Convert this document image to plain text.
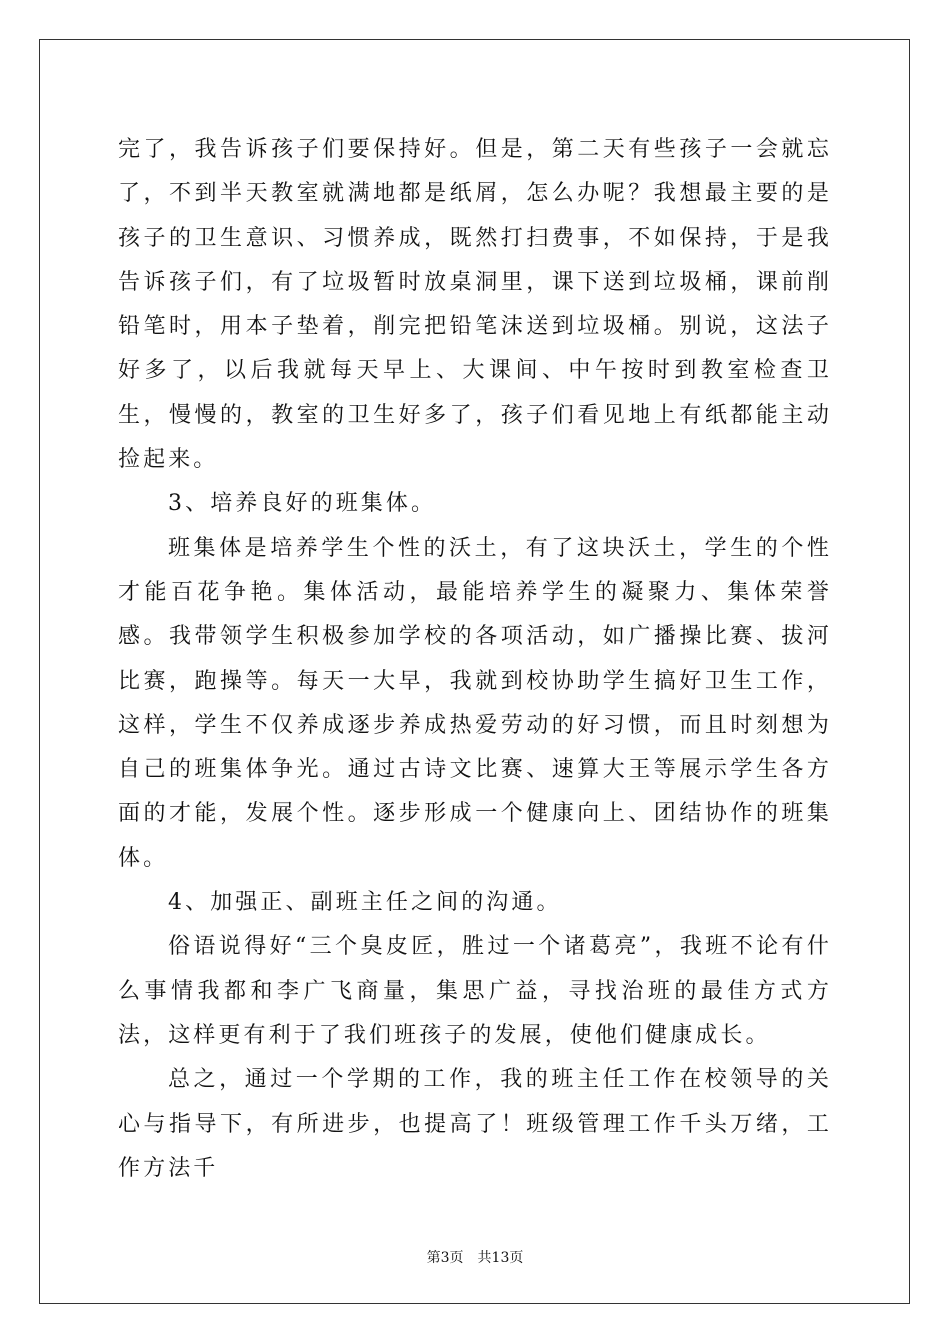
完了，我告诉孩子们要保持好。但是，第二天有些孩子一会就忘了，不到半天教室就满地都是纸屑，怎么办呢？我想最主要的是孩子的卫生意识、习惯养成，既然打扫费事，不如保持，于是我告诉孩子们，有了垃圾暂时放桌洞里，课下送到垃圾桶，课前削铅笔时，用本子垫着，削完把铅笔沫送到垃圾桶。别说，这法子好多了，以后我就每天早上、大课间、中午按时到教室检查卫生，慢慢的，教室的卫生好多了，孩子们看见地上有纸都能主动捡起来。

3、培养良好的班集体。

班集体是培养学生个性的沃土，有了这块沃土，学生的个性才能百花争艳。集体活动，最能培养学生的凝聚力、集体荣誉感。我带领学生积极参加学校的各项活动，如广播操比赛、拔河比赛，跑操等。每天一大早，我就到校协助学生搞好卫生工作，这样，学生不仅养成逐步养成热爱劳动的好习惯，而且时刻想为自己的班集体争光。通过古诗文比赛、速算大王等展示学生各方面的才能，发展个性。逐步形成一个健康向上、团结协作的班集体。

4、加强正、副班主任之间的沟通。

俗语说得好“三个臭皮匠，胜过一个诸葛亮”，我班不论有什么事情我都和李广飞商量，集思广益，寻找治班的最佳方式方法，这样更有利于了我们班孩子的发展，使他们健康成长。

总之，通过一个学期的工作，我的班主任工作在校领导的关心与指导下，有所进步，也提高了！班级管理工作千头万绪，工作方法千

第3页 共13页
